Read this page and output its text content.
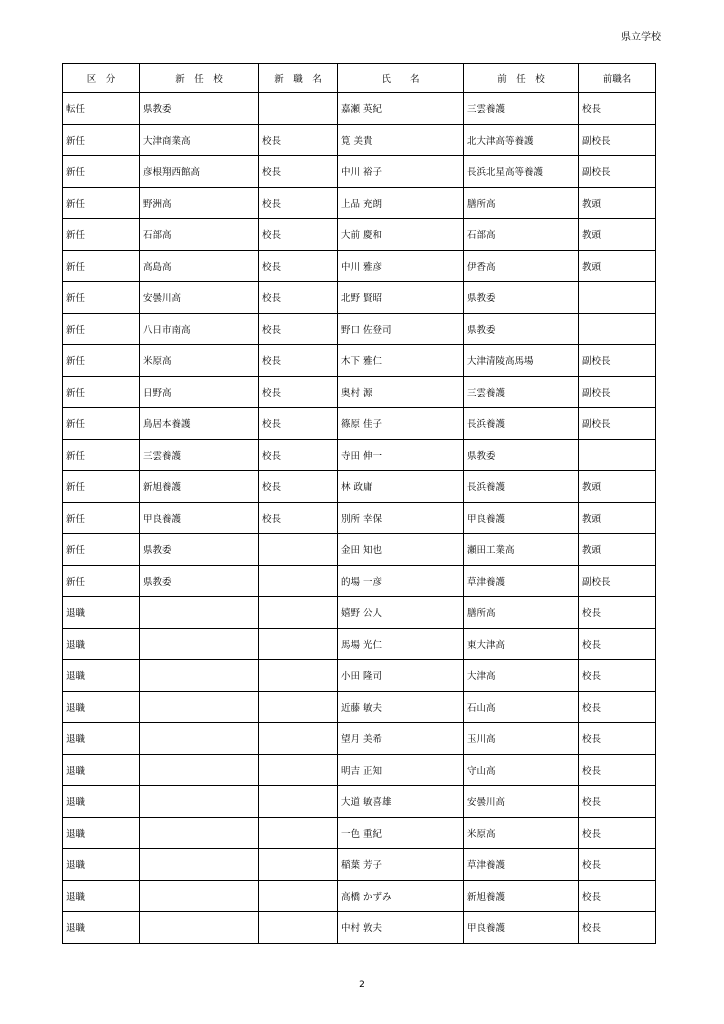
県立学校
区　分	新　任　校	新　職　名	氏　　名	前　任　校	前職名
転任	県教委		嘉瀬 英紀	三雲養護	校長
新任	大津商業高	校長	筧 美貴	北大津高等養護	副校長
新任	彦根翔西館高	校長	中川 裕子	長浜北星高等養護	副校長
新任	野洲高	校長	上品 充朗	膳所高	教頭
新任	石部高	校長	大前 慶和	石部高	教頭
新任	高島高	校長	中川 雅彦	伊香高	教頭
新任	安曇川高	校長	北野 賢昭	県教委	
新任	八日市南高	校長	野口 佐登司	県教委	
新任	米原高	校長	木下 雅仁	大津清陵高馬場	副校長
新任	日野高	校長	奥村 源	三雲養護	副校長
新任	鳥居本養護	校長	篠原 佳子	長浜養護	副校長
新任	三雲養護	校長	寺田 伸一	県教委	
新任	新旭養護	校長	林 政庸	長浜養護	教頭
新任	甲良養護	校長	別所 幸保	甲良養護	教頭
新任	県教委		金田 知也	瀬田工業高	教頭
新任	県教委		的場 一彦	草津養護	副校長
退職			嬉野 公人	膳所高	校長
退職			馬場 光仁	東大津高	校長
退職			小田 隆司	大津高	校長
退職			近藤 敏夫	石山高	校長
退職			望月 美希	玉川高	校長
退職			明吉 正知	守山高	校長
退職			大道 敏喜雄	安曇川高	校長
退職			一色 重紀	米原高	校長
退職			稲葉 芳子	草津養護	校長
退職			高橋 かずみ	新旭養護	校長
退職			中村 敦夫	甲良養護	校長
2
